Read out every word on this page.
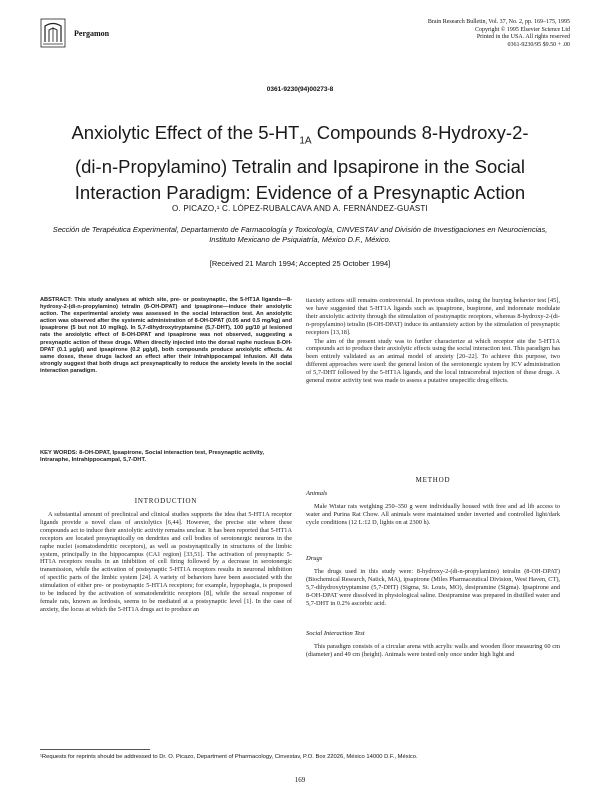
Pergamon
Brain Research Bulletin, Vol. 37, No. 2, pp. 169–175, 1995
Copyright © 1995 Elsevier Science Ltd
Printed in the USA. All rights reserved
0361-9230/95 $9.50 + .00
0361-9230(94)00273-8
Anxiolytic Effect of the $5-HT_{1A}$ Compounds 8-Hydroxy-2-
(di-n-Propylamino) Tetralin and Ipsapirone in the Social
Interaction Paradigm: Evidence of a Presynaptic Action
O. PICAZO,¹ C. LÓPEZ-RUBALCAVA AND A. FERNÁNDEZ-GUASTI
Sección de Terapéutica Experimental, Departamento de Farmacología y Toxicología, CINVESTAV and División de Investigaciones en Neurociencias, Instituto Mexicano de Psiquiatría, México D.F., México.
[Received 21 March 1994; Accepted 25 October 1994]
ABSTRACT: This study analyses at which site, pre- or postsynaptic, the 5-HT1A ligands—8-hydroxy-2-(di-n-propylamino) tetralin (8-OH-DPAT) and ipsapirone—induce their anxiolytic action. The experimental anxiety was assessed in the social interaction test. An anxiolytic action was observed after the systemic administration of 8-OH-DPAT (0.05 and 0.5 mg/kg) and ipsapirone (5 but not 10 mg/kg). In 5,7-dihydroxytryptamine (5,7-DHT), 100 µg/10 µl lesioned rats the anxiolytic effect of 8-OH-DPAT and ipsapirone was not observed, suggesting a presynaptic action of these drugs. When directly injected into the dorsal raphe nucleus 8-OH-DPAT (0.1 µg/µl) and ipsapirone (0.2 µg/µl), both compounds produce anxiolytic effects. At same doses, these drugs lacked an effect after their intrahippocampal infusion. All data strongly suggest that both drugs act presynaptically to reduce the anxiety levels in the social interaction paradigm.
KEY WORDS: 8-OH-DPAT, Ipsapirone, Social interaction test, Presynaptic activity, Intraraphe, Intrahippocampal, 5,7-DHT.
INTRODUCTION

A substantial amount of preclinical and clinical studies supports the idea that 5-HT1A receptor ligands provide a novel class of anxiolytics [6,44]. However, the precise site where these compounds act to induce their anxiolytic activity remains unclear. It has been reported that 5-HT1A receptors are located presynaptically on dendrites and cell bodies of serotonergic neurons in the raphe nuclei (somatodendritic receptors), as well as postsynaptically in structures of the limbic system, principally in the hippocampus (CA1 region) [33,51]. The activation of presynaptic 5-HT1A receptors results in an inhibition of cell firing followed by a decrease in serotonergic transmission, while the activation of postsynaptic 5-HT1A receptors results in neuronal inhibition of specific parts of the limbic system [24]. A variety of behaviors have been associated with the stimulation of either pre- or postsynaptic 5-HT1A receptors; for example, hypophagia, is proposed to be induced by the activation of somatodendritic receptors [8], while the sexual response of female rats, known as lordosis, seems to be mediated at a postsynaptic level [1]. In the case of anxiety, the locus at which the 5-HT1A drugs act to produce an

tiaxiety actions still remains controversial. In previous studies, using the burying behavior test [45], we have suggested that 5-HT1A ligands such as ipsapirone, buspirone, and indorenate modulate their anxiolytic activity through the stimulation of postsynaptic receptors, whereas 8-hydroxy-2-(di-n-propylamino) tetralin (8-OH-DPAT) induce its antianxiety action by the stimulation of presynaptic receptors [13,18].

The aim of the present study was to further characterize at which receptor site the 5-HT1A compounds act to produce their anxiolytic effects using the social interaction test. This paradigm has been entirely validated as an animal model of anxiety [20–22]. To achieve this purpose, two different approaches were used: the general lesion of the serotonergic system by ICV administration of 5,7-DHT followed by the 5-HT1A ligands, and the local intracerebral injection of these drugs. A general motor activity test was made to assess a putative unspecific drug effects.

METHOD
Animals

Male Wistar rats weighing 250–350 g were individually housed with free and ad lib access to water and Purina Rat Chow. All animals were maintained under inverted and controlled light/dark cycle conditions (12 L:12 D, lights on at 2300 h).

Drugs

The drugs used in this study were: 8-hydroxy-2-(di-n-propylamino) tetralin (8-OH-DPAT) (Biochemical Research, Natick, MA), ipsapirone (Miles Pharmaceutical Division, West Haven, CT), 5,7-dihydroxytryptamine (5,7-DHT) (Sigma, St. Louis, MO), desipramine (Sigma). Ipsapirone and 8-OH-DPAT were dissolved in physiological saline. Desipramine was prepared in distilled water and 5,7-DHT in 0.2% ascorbic acid.

Social Interaction Test

This paradigm consists of a circular arena with acrylic walls and wooden floor measuring 60 cm (diameter) and 49 cm (height). Animals were tested only once under high light and

¹Requests for reprints should be addressed to Dr. O. Picazo, Department of Pharmacology, Cinvestav, P.O. Box 22026, México 14000 D.F., México.
169
